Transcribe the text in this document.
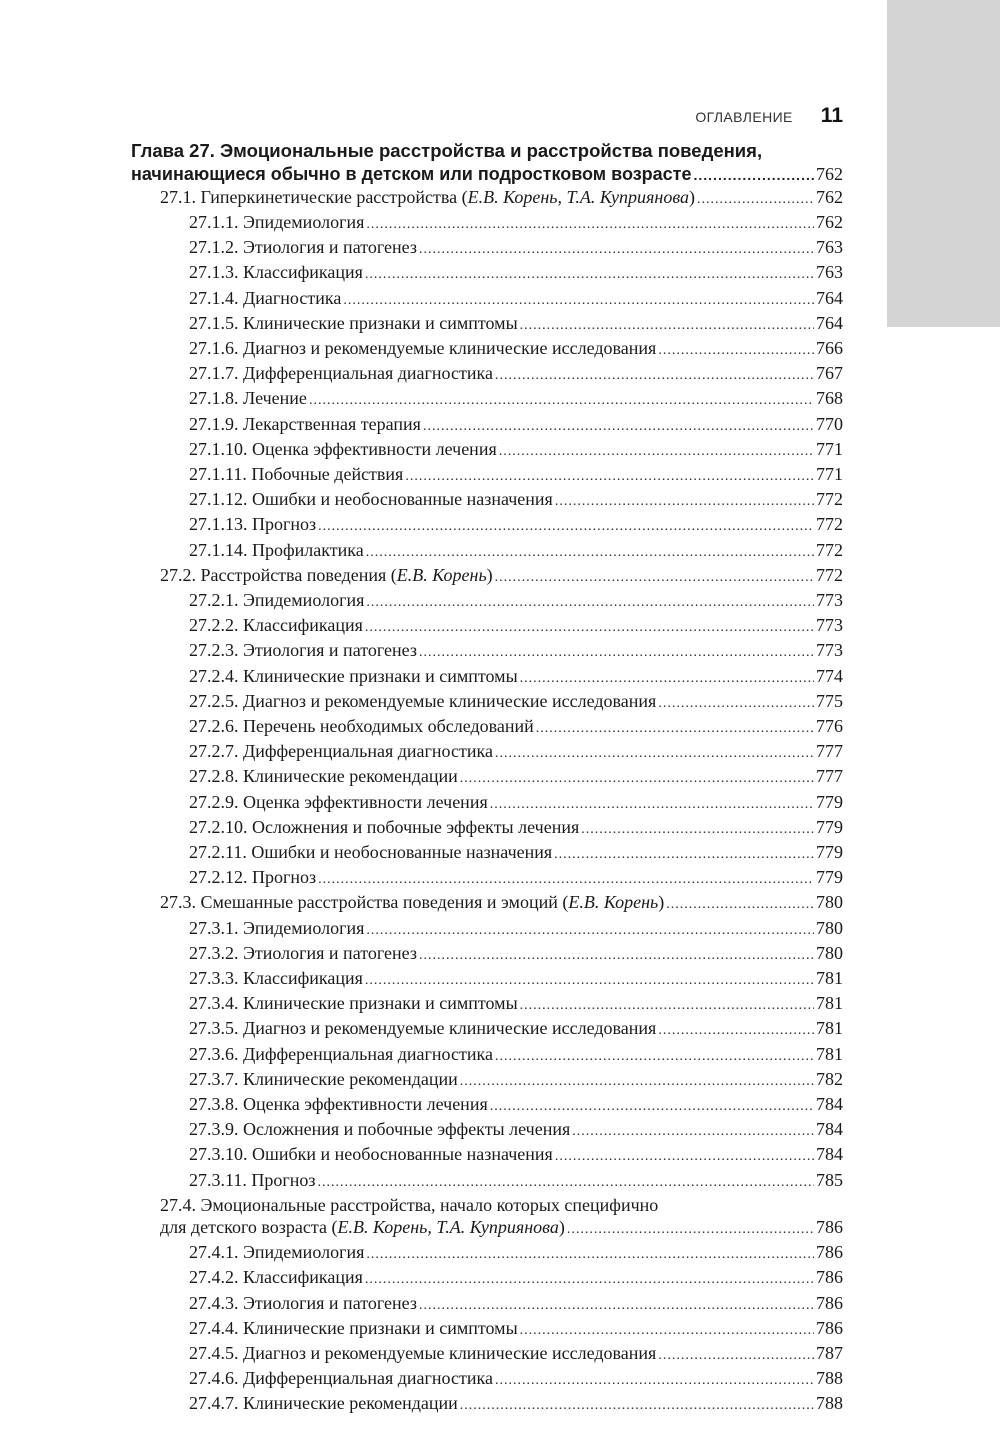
ОГЛАВЛЕНИЕ 11
Глава 27. Эмоциональные расстройства и расстройства поведения,
начинающиеся обычно в детском или подростковом возрасте .....	762
27.1. Гиперкинетические расстройства (Е.В. Корень, Т.А. Куприянова) .....	762
27.1.1. Эпидемиология .....	762
27.1.2. Этиология и патогенез .....	763
27.1.3. Классификация .....	763
27.1.4. Диагностика .....	764
27.1.5. Клинические признаки и симптомы .....	764
27.1.6. Диагноз и рекомендуемые клинические исследования .....	766
27.1.7. Дифференциальная диагностика .....	767
27.1.8. Лечение .....	768
27.1.9. Лекарственная терапия .....	770
27.1.10. Оценка эффективности лечения .....	771
27.1.11. Побочные действия .....	771
27.1.12. Ошибки и необоснованные назначения .....	772
27.1.13. Прогноз .....	772
27.1.14. Профилактика .....	772
27.2. Расстройства поведения (Е.В. Корень) .....	772
27.2.1. Эпидемиология .....	773
27.2.2. Классификация .....	773
27.2.3. Этиология и патогенез .....	773
27.2.4. Клинические признаки и симптомы .....	774
27.2.5. Диагноз и рекомендуемые клинические исследования .....	775
27.2.6. Перечень необходимых обследований .....	776
27.2.7. Дифференциальная диагностика .....	777
27.2.8. Клинические рекомендации .....	777
27.2.9. Оценка эффективности лечения .....	779
27.2.10. Осложнения и побочные эффекты лечения .....	779
27.2.11. Ошибки и необоснованные назначения .....	779
27.2.12. Прогноз .....	779
27.3. Смешанные расстройства поведения и эмоций (Е.В. Корень) .....	780
27.3.1. Эпидемиология .....	780
27.3.2. Этиология и патогенез .....	780
27.3.3. Классификация .....	781
27.3.4. Клинические признаки и симптомы .....	781
27.3.5. Диагноз и рекомендуемые клинические исследования .....	781
27.3.6. Дифференциальная диагностика .....	781
27.3.7. Клинические рекомендации .....	782
27.3.8. Оценка эффективности лечения .....	784
27.3.9. Осложнения и побочные эффекты лечения .....	784
27.3.10. Ошибки и необоснованные назначения .....	784
27.3.11. Прогноз .....	785
27.4. Эмоциональные расстройства, начало которых специфично
для детского возраста (Е.В. Корень, Т.А. Куприянова) .....	786
27.4.1. Эпидемиология .....	786
27.4.2. Классификация .....	786
27.4.3. Этиология и патогенез .....	786
27.4.4. Клинические признаки и симптомы .....	786
27.4.5. Диагноз и рекомендуемые клинические исследования .....	787
27.4.6. Дифференциальная диагностика .....	788
27.4.7. Клинические рекомендации .....	788
